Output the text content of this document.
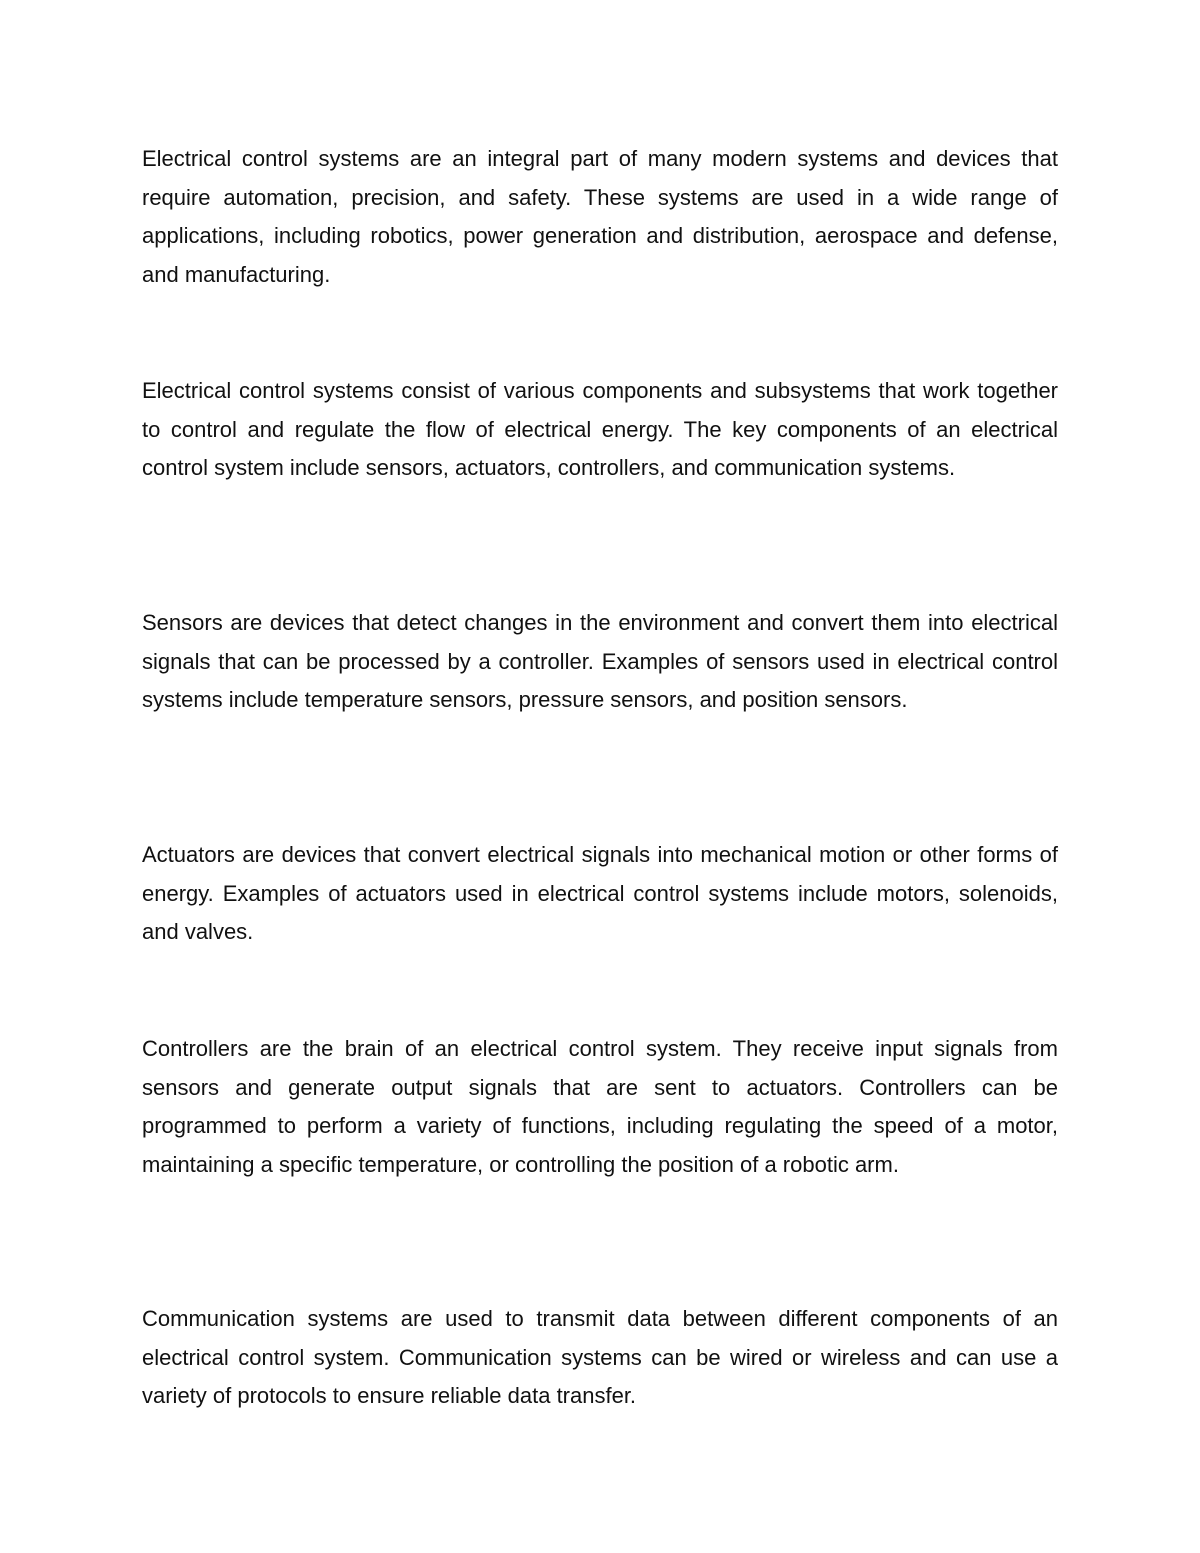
Electrical control systems are an integral part of many modern systems and devices that require automation, precision, and safety. These systems are used in a wide range of applications, including robotics, power generation and distribution, aerospace and defense, and manufacturing.

Electrical control systems consist of various components and subsystems that work together to control and regulate the flow of electrical energy. The key components of an electrical control system include sensors, actuators, controllers, and communication systems.

Sensors are devices that detect changes in the environment and convert them into electrical signals that can be processed by a controller. Examples of sensors used in electrical control systems include temperature sensors, pressure sensors, and position sensors.

Actuators are devices that convert electrical signals into mechanical motion or other forms of energy. Examples of actuators used in electrical control systems include motors, solenoids, and valves.

Controllers are the brain of an electrical control system. They receive input signals from sensors and generate output signals that are sent to actuators. Controllers can be programmed to perform a variety of functions, including regulating the speed of a motor, maintaining a specific temperature, or controlling the position of a robotic arm.

Communication systems are used to transmit data between different components of an electrical control system. Communication systems can be wired or wireless and can use a variety of protocols to ensure reliable data transfer.
